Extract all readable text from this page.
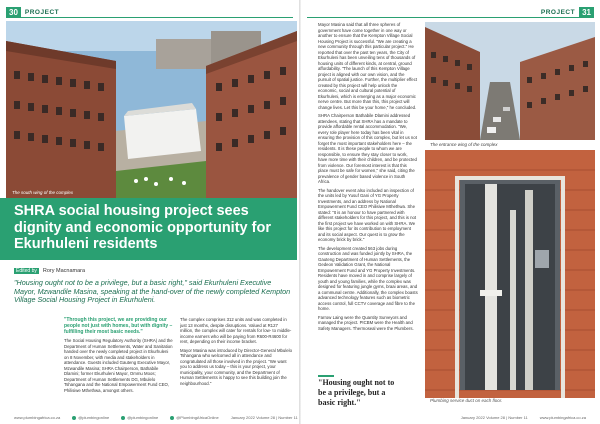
30	PROJECT	PROJECT 31
The south wing of the complex
SHRA social housing project sees dignity and economic opportunity for Ekurhuleni residents
Edited by	Rory Macnamara
"Housing ought not to be a privilege, but a basic right," said Ekurhuleni Executive Mayor, Mzwandile Masina, speaking at the hand-over of the newly completed Kempton Village Social Housing Project in Ekurhuleni.

"Through this project, we are providing our people not just with homes, but with dignity – fulfilling their most basic needs."

The Social Housing Regulatory Authority (SHRA) and the Department of Human Settlements, Water and Sanitation handed over the newly completed project in Ekurhuleni on 8 November, with media and stakeholders in attendance. Guests included Gauteng Executive Mayor, Mzwandile Masina; SHRA Chairperson, Bathabile Dlamini; former Ekurhuleni Mayor, Ommu Moos; Department of Human Settlements DG, Mbulelo Tshangana and the National Empowerment Fund CEO, Philisiwe Mthethwa, amongst others.

The complex comprises 312 units and was completed in just 13 months, despite disruptions. Valued at R127 million, the complex will cater for rentals for low- to middle-income earners who will be paying from R600-R4600 for rent, depending on their income bracket.

Mayor Masina was introduced by Director-General Mbulelo Tshangana who welcomed all in attendance and congratulated all those involved in the project. "We want you to address us today – this is your project, your municipality, your community, and the Department of Human Settlements is happy to see this building join the neighbourhood."

Mayor Masina said that all three spheres of government have come together in one way or another to ensure that the Kempton Village Social Housing Project is successful. "We are creating a new community through this particular project." He reported that over the past ten years, the City of Ekurhuleni has been unveiling tens of thousands of housing units of different kinds, at central, ground affordability. "The launch of this Kempton Village project is aligned with our own vision, and the pursuit of spatial justice. Further, the multiplier effect created by this project will help unlock the economic, social and cultural potential of Ekurhuleni, which is emerging as a major economic nerve centre. But more than this, this project will change lives. Let this be your home," he concluded.

SHRA Chairperson Bathabile Dlamini addressed attendees, stating that SHRA has a mandate to provide affordable rental accommodation. "We, every role player here today has been vital in ensuring the provision of this complex, but let us not forget the most important stakeholders here – the residents. It is these people to whom we are responsible, to ensure they stay closer to work, have more time with their children, and be protected from violence. Our foremost interest is that this place must be safe for women," she said, citing the prevalence of gender based violence in South Africa.

The handover event also included an inspection of the units led by Yusuf Gani of YG Property Investments, and an address by National Empowerment Fund CEO Philisiwe Mthethwa. She stated: "It is an honour to have partnered with different stakeholders for this project, and this is not the first project we have worked on with SHRA. We like this project for its contribution to employment and its social aspect. Our quest is to grow the economy brick by brick."

The development created 563 jobs during construction and was funded jointly by SHRA, the Gauteng Department of Human Settlements, the Gedeon Validation Grant, the National Empowerment Fund and YG Property Investments. Residents have moved in and comprise largely of youth and young families, while the complex was designed for featuring jungle gyms, braai areas, and a communal centre. Additionally, the complex boasts advanced technology features such as biometric access control, full CCTV coverage and fibre to the home.

Farrow Laing were the Quantity Surveyors and managed the project. PICBM were the Health and Safety Managers. Thermoseal were the Plumbers.

"Housing ought not to be a privilege, but a basic right."
The entrance wing of the complex
Plumbing service duct on each floor.
www.plumbingafrica.co.za	@plumbingonline	@plumbingonline	@PlumbingAfricaOnline	January 2022 Volume 28 | Number 11	January 2022 Volume 28 | Number 11	www.plumbingafrica.co.za
